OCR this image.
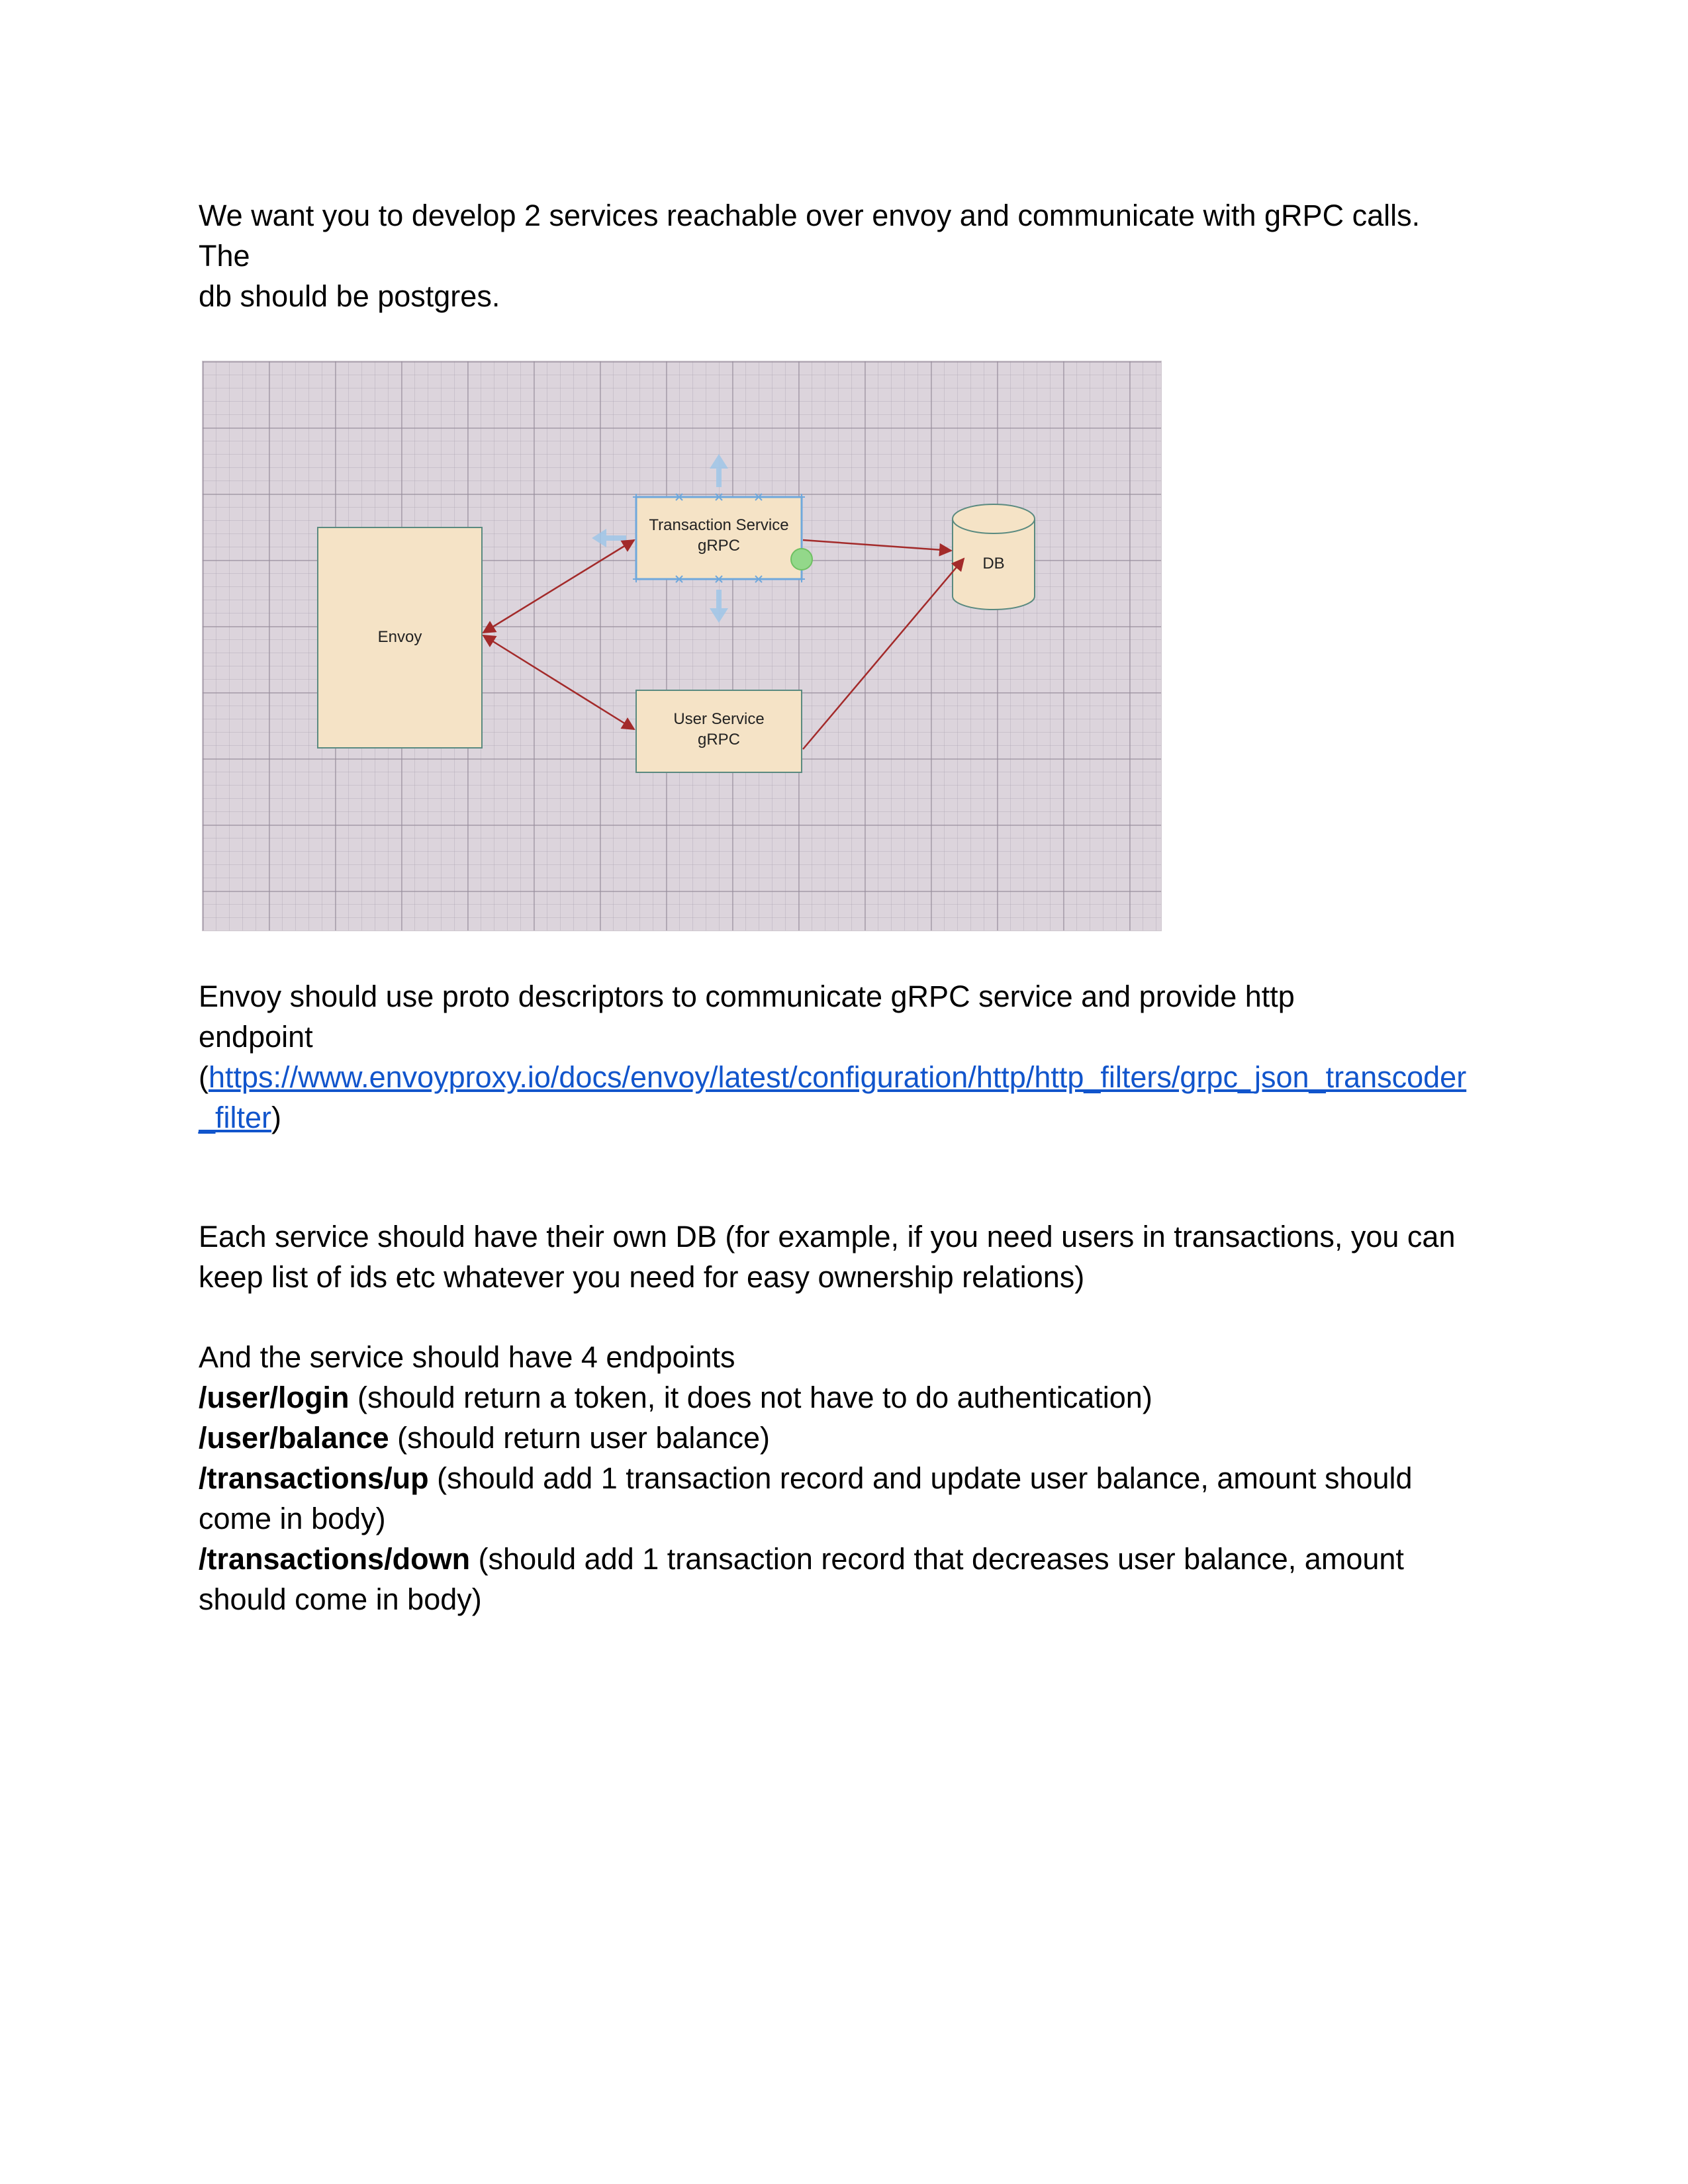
We want you to develop 2 services reachable over envoy and communicate with gRPC calls.
The
db should be postgres.
Envoy
Transaction Service
gRPC
User Service
gRPC
DB
Envoy should use proto descriptors to communicate gRPC service and provide http
endpoint
(https://www.envoyproxy.io/docs/envoy/latest/configuration/http/http_filters/grpc_json_transcoder
_filter)
Each service should have their own DB (for example, if you need users in transactions, you can
keep list of ids etc whatever you need for easy ownership relations)
And the service should have 4 endpoints
/user/login (should return a token, it does not have to do authentication)
/user/balance (should return user balance)
/transactions/up (should add 1 transaction record and update user balance, amount should
come in body)
/transactions/down (should add 1 transaction record that decreases user balance, amount
should come in body)
